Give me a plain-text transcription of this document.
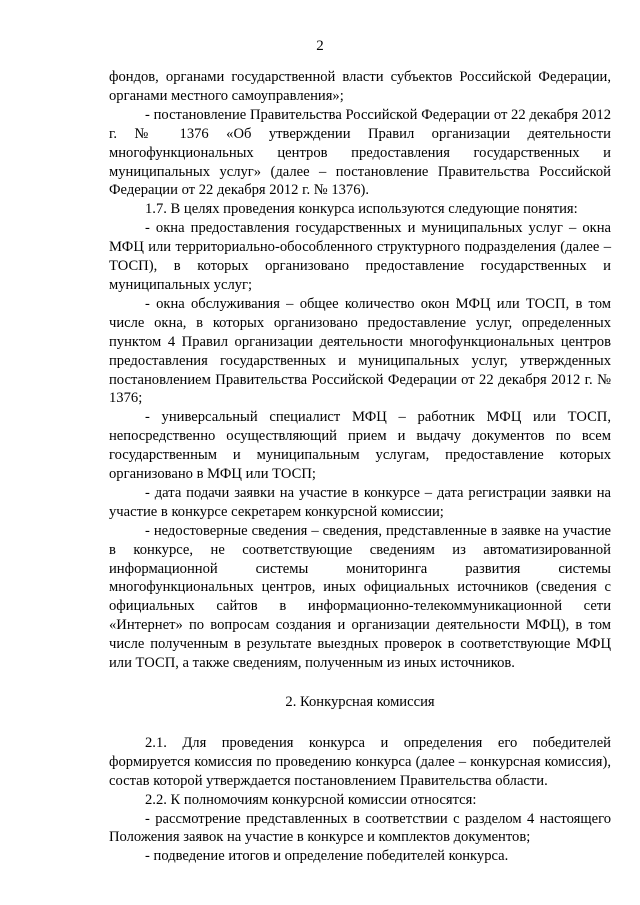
2

фондов, органами государственной власти субъектов Российской Федерации, органами местного самоуправления»;

- постановление Правительства Российской Федерации от 22 декабря 2012 г. № 1376 «Об утверждении Правил организации деятельности многофункциональных центров предоставления государственных и муниципальных услуг» (далее – постановление Правительства Российской Федерации от 22 декабря 2012 г. № 1376).

1.7. В целях проведения конкурса используются следующие понятия:

- окна предоставления государственных и муниципальных услуг – окна МФЦ или территориально-обособленного структурного подразделения (далее – ТОСП), в которых организовано предоставление государственных и муниципальных услуг;

- окна обслуживания – общее количество окон МФЦ или ТОСП, в том числе окна, в которых организовано предоставление услуг, определенных пунктом 4 Правил организации деятельности многофункциональных центров предоставления государственных и муниципальных услуг, утвержденных постановлением Правительства Российской Федерации от 22 декабря 2012 г. № 1376;

- универсальный специалист МФЦ – работник МФЦ или ТОСП, непосредственно осуществляющий прием и выдачу документов по всем государственным и муниципальным услугам, предоставление которых организовано в МФЦ или ТОСП;

- дата подачи заявки на участие в конкурсе – дата регистрации заявки на участие в конкурсе секретарем конкурсной комиссии;

- недостоверные сведения – сведения, представленные в заявке на участие в конкурсе, не соответствующие сведениям из автоматизированной информационной системы мониторинга развития системы многофункциональных центров, иных официальных источников (сведения с официальных сайтов в информационно-телекоммуникационной сети «Интернет» по вопросам создания и организации деятельности МФЦ), в том числе полученным в результате выездных проверок в соответствующие МФЦ или ТОСП, а также сведениям, полученным из иных источников.

2. Конкурсная комиссия

2.1. Для проведения конкурса и определения его победителей формируется комиссия по проведению конкурса (далее – конкурсная комиссия), состав которой утверждается постановлением Правительства области.

2.2. К полномочиям конкурсной комиссии относятся:

- рассмотрение представленных в соответствии с разделом 4 настоящего Положения заявок на участие в конкурсе и комплектов документов;

- подведение итогов и определение победителей конкурса.
